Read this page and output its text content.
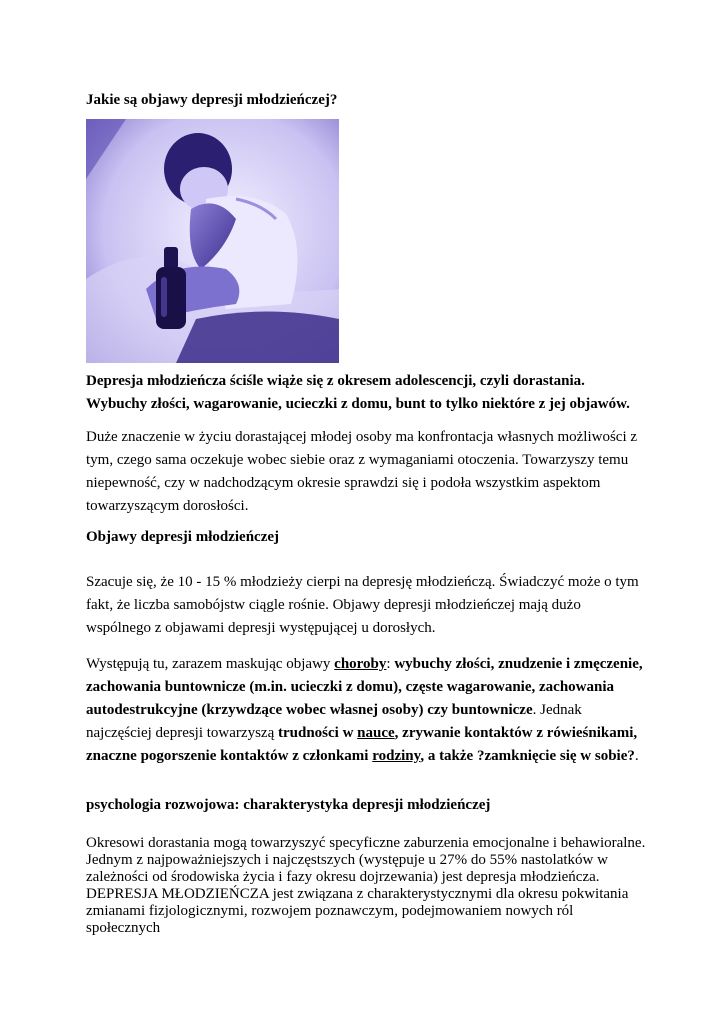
Jakie są objawy depresji młodzieńczej?
Depresja młodzieńcza ściśle wiąże się z okresem adolescencji, czyli dorastania. Wybuchy złości, wagarowanie, ucieczki z domu, bunt to tylko niektóre z jej objawów.
Duże znaczenie w życiu dorastającej młodej osoby ma konfrontacja własnych możliwości z tym, czego sama oczekuje wobec siebie oraz z wymaganiami otoczenia. Towarzyszy temu niepewność, czy w nadchodzącym okresie sprawdzi się i podoła wszystkim aspektom towarzyszącym dorosłości.
Objawy depresji młodzieńczej
Szacuje się, że 10 - 15 % młodzieży cierpi na depresję młodzieńczą. Świadczyć może o tym fakt, że liczba samobójstw ciągle rośnie. Objawy depresji młodzieńczej mają dużo wspólnego z objawami depresji występującej u dorosłych.
Występują tu, zarazem maskując objawy choroby: wybuchy złości, znudzenie i zmęczenie, zachowania buntownicze (m.in. ucieczki z domu), częste wagarowanie, zachowania autodestrukcyjne (krzywdzące wobec własnej osoby) czy buntownicze. Jednak najczęściej depresji towarzyszą trudności w nauce, zrywanie kontaktów z rówieśnikami, znaczne pogorszenie kontaktów z członkami rodziny, a także ?zamknięcie się w sobie?.
psychologia rozwojowa: charakterystyka depresji młodzieńczej
Okresowi dorastania mogą towarzyszyć specyficzne zaburzenia emocjonalne i behawioralne. Jednym z najpoważniejszych i najczęstszych (występuje u 27% do 55% nastolatków w zależności od środowiska życia i fazy okresu dojrzewania) jest depresja młodzieńcza. DEPRESJA MŁODZIEŃCZA jest związana z charakterystycznymi dla okresu pokwitania zmianami fizjologicznymi, rozwojem poznawczym, podejmowaniem nowych ról społecznych
